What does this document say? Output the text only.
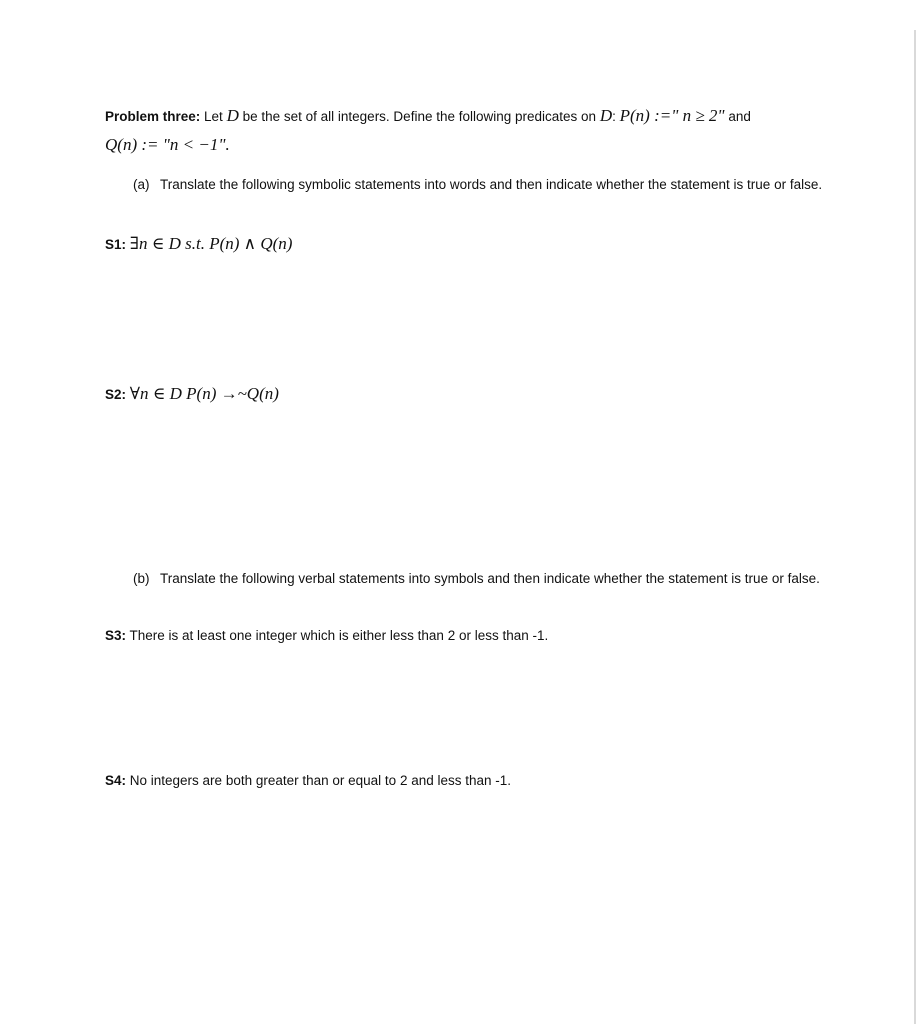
Problem three: Let D be the set of all integers. Define the following predicates on D: P(n) :=" n ≥ 2" and
Q(n) := "n < −1".
(a) Translate the following symbolic statements into words and then indicate whether the statement is true or false.
S1: ∃n ∈ D s.t. P(n) ∧ Q(n)
S2: ∀n ∈ D P(n) →~Q(n)
(b) Translate the following verbal statements into symbols and then indicate whether the statement is true or false.
S3: There is at least one integer which is either less than 2 or less than -1.
S4: No integers are both greater than or equal to 2 and less than -1.
